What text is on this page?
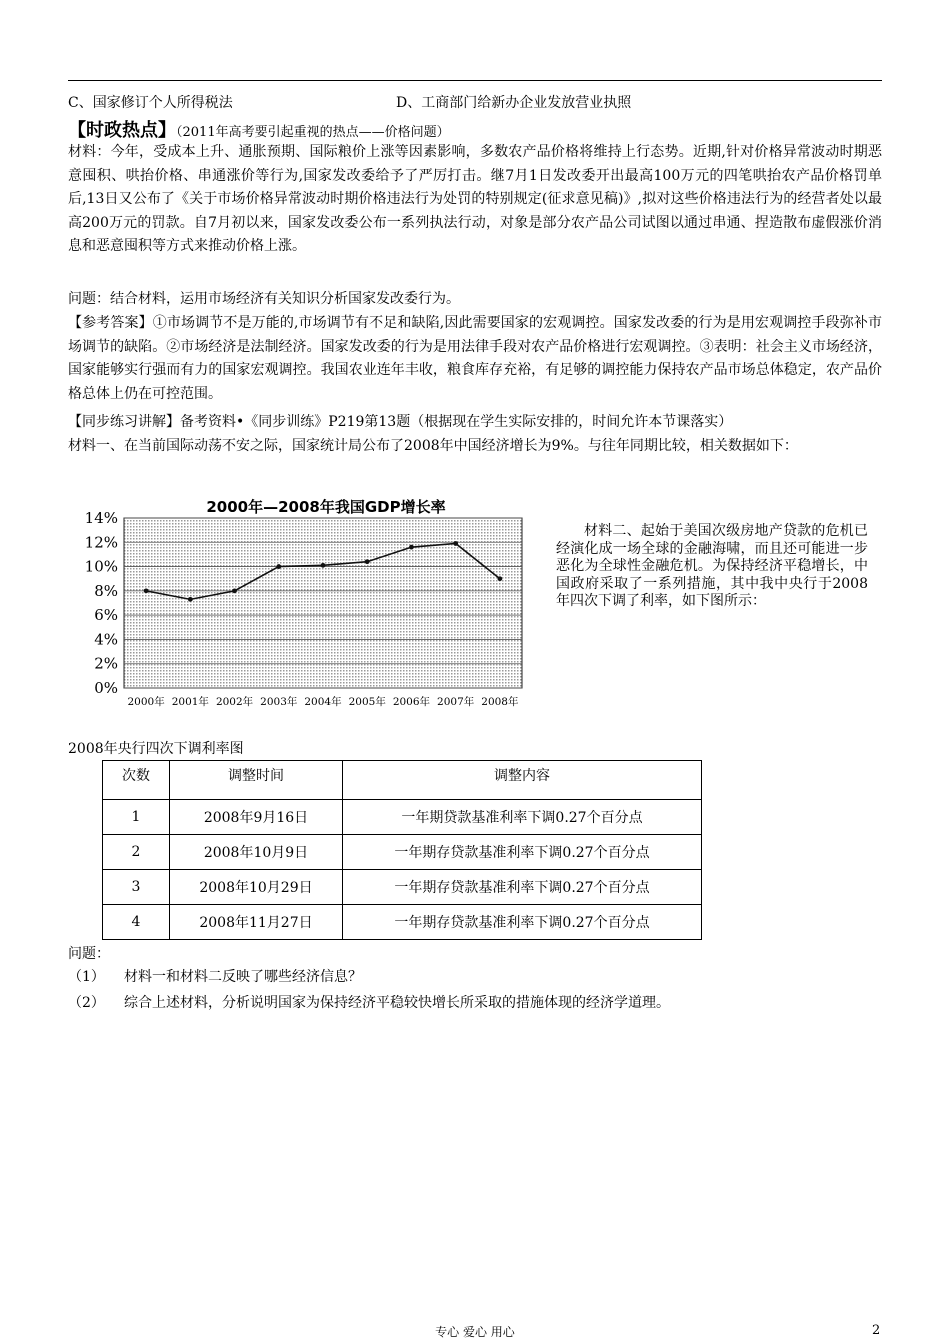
C、国家修订个人所得税法	D、工商部门给新办企业发放营业执照
【时政热点】（2011年高考要引起重视的热点——价格问题）
材料：今年，受成本上升、通胀预期、国际粮价上涨等因素影响，多数农产品价格将维持上行态势。近期,针对价格异常波动时期恶意囤积、哄抬价格、串通涨价等行为,国家发改委给予了严厉打击。继7月1日发改委开出最高100万元的四笔哄抬农产品价格罚单后,13日又公布了《关于市场价格异常波动时期价格违法行为处罚的特别规定(征求意见稿)》,拟对这些价格违法行为的经营者处以最高200万元的罚款。自7月初以来，国家发改委公布一系列执法行动，对象是部分农产品公司试图以通过串通、捏造散布虚假涨价消息和恶意囤积等方式来推动价格上涨。
问题：结合材料，运用市场经济有关知识分析国家发改委行为。
【参考答案】①市场调节不是万能的,市场调节有不足和缺陷,因此需要国家的宏观调控。国家发改委的行为是用宏观调控手段弥补市场调节的缺陷。②市场经济是法制经济。国家发改委的行为是用法律手段对农产品价格进行宏观调控。③表明：社会主义市场经济，国家能够实行强而有力的国家宏观调控。我国农业连年丰收，粮食库存充裕，有足够的调控能力保持农产品市场总体稳定，农产品价格总体上仍在可控范围。
【同步练习讲解】备考资料•《同步训练》P219第13题（根据现在学生实际安排的，时间允许本节课落实）
材料一、在当前国际动荡不安之际，国家统计局公布了2008年中国经济增长为9%。与往年同期比较，相关数据如下：
2000年—2008年我国GDP增长率
0%
2%
4%
6%
8%
10%
12%
14%
2000年 2001年 2002年 2003年 2004年 2005年 2006年 2007年 2008年
材料二、起始于美国次级房地产贷款的危机已经演化成一场全球的金融海啸，而且还可能进一步恶化为全球性金融危机。为保持经济平稳增长，中国政府采取了一系列措施，其中我中央行于2008年四次下调了利率，如下图所示：
2008年央行四次下调利率图
次数	调整时间	调整内容
1	2008年9月16日	一年期贷款基准利率下调0.27个百分点
2	2008年10月9日	一年期存贷款基准利率下调0.27个百分点
3	2008年10月29日	一年期存贷款基准利率下调0.27个百分点
4	2008年11月27日	一年期存贷款基准利率下调0.27个百分点
问题：
（1） 材料一和材料二反映了哪些经济信息？
（2） 综合上述材料，分析说明国家为保持经济平稳较快增长所采取的措施体现的经济学道理。
专心 爱心 用心	2
